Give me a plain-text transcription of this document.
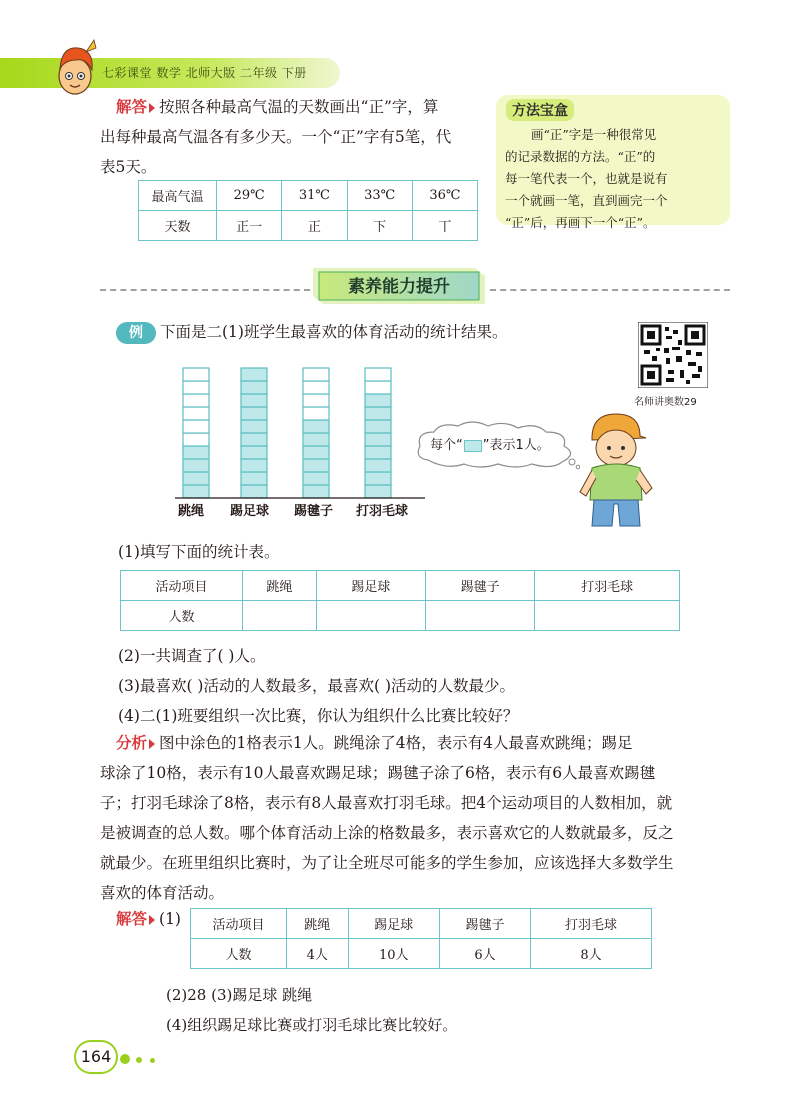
七彩课堂 数学 北师大版 二年级 下册
解答 按照各种最高气温的天数画出“正”字，算
出每种最高气温各有多少天。一个“正”字有5笔，代
表5天。
最高气温	29℃	31℃	33℃	36℃
天数	正一	正	下	丅
方法宝盒
画“正”字是一种很常见
的记录数据的方法。“正”的
每一笔代表一个，也就是说有
一个就画一笔，直到画完一个
“正”后，再画下一个“正”。
素养能力提升
例	下面是二(1)班学生最喜欢的体育活动的统计结果。
名师讲奥数29
跳绳 踢足球 踢毽子 打羽毛球
每个“ ”表示1人。
(1)填写下面的统计表。
活动项目	跳绳	踢足球	踢毽子	打羽毛球
人数				
(2)一共调查了( )人。
(3)最喜欢( )活动的人数最多，最喜欢( )活动的人数最少。
(4)二(1)班要组织一次比赛，你认为组织什么比赛比较好？
分析 图中涂色的1格表示1人。跳绳涂了4格，表示有4人最喜欢跳绳；踢足
球涂了10格，表示有10人最喜欢踢足球；踢毽子涂了6格，表示有6人最喜欢踢毽
子；打羽毛球涂了8格，表示有8人最喜欢打羽毛球。把4个运动项目的人数相加，就
是被调查的总人数。哪个体育活动上涂的格数最多，表示喜欢它的人数就最多，反之
就最少。在班里组织比赛时，为了让全班尽可能多的学生参加，应该选择大多数学生
喜欢的体育活动。
解答 (1) 活动项目	跳绳	踢足球	踢毽子	打羽毛球
人数	4人	10人	6人	8人
(2)28 (3)踢足球 跳绳
(4)组织踢足球比赛或打羽毛球比赛比较好。
164
